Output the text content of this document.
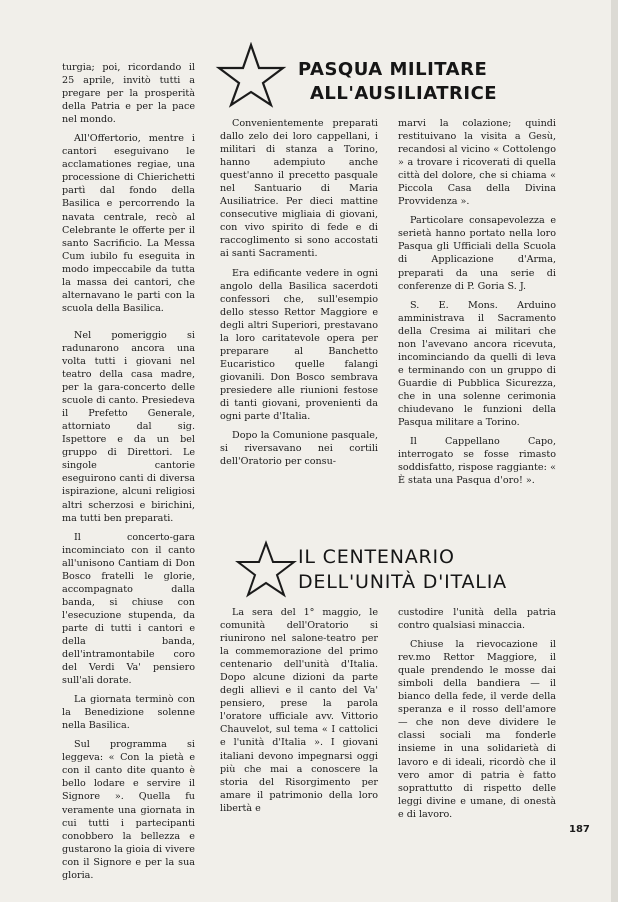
turgia; poi, ricordando il 25 aprile, invitò tutti a pregare per la prosperità della Patria e per la pace nel mondo.

All'Offertorio, mentre i cantori eseguivano le acclamationes regiae, una processione di Chierichetti partì dal fondo della Basilica e percorrendo la navata centrale, recò al Celebrante le offerte per il santo Sacrificio. La Messa Cum iubilo fu eseguita in modo impeccabile da tutta la massa dei cantori, che alternavano le parti con la scuola della Basilica.

Nel pomeriggio si radunarono ancora una volta tutti i giovani nel teatro della casa madre, per la gara-concerto delle scuole di canto. Presiedeva il Prefetto Generale, attorniato dal sig. Ispettore e da un bel gruppo di Direttori. Le singole cantorie eseguirono canti di diversa ispirazione, alcuni religiosi altri scherzosi e birichini, ma tutti ben preparati.

Il concerto-gara incominciato con il canto all'unisono Cantiam di Don Bosco fratelli le glorie, accompagnato dalla banda, si chiuse con l'esecuzione stupenda, da parte di tutti i cantori e della banda, dell'intramontabile coro del Verdi Va' pensiero sull'ali dorate.

La giornata terminò con la Benedizione solenne nella Basilica.

Sul programma si leggeva: « Con la pietà e con il canto dite quanto è bello lodare e servire il Signore ». Quella fu veramente una giornata in cui tutti i partecipanti conobbero la bellezza e gustarono la gioia di vivere con il Signore e per la sua gloria.

PASQUA MILITARE
ALL'AUSILIATRICE

Convenientemente preparati dallo zelo dei loro cappellani, i militari di stanza a Torino, hanno adempiuto anche quest'anno il precetto pasquale nel Santuario di Maria Ausiliatrice. Per dieci mattine consecutive migliaia di giovani, con vivo spirito di fede e di raccoglimento si sono accostati ai santi Sacramenti.

Era edificante vedere in ogni angolo della Basilica sacerdoti confessori che, sull'esempio dello stesso Rettor Maggiore e degli altri Superiori, prestavano la loro caritatevole opera per preparare al Banchetto Eucaristico quelle falangi giovanili. Don Bosco sembrava presiedere alle riunioni festose di tanti giovani, provenienti da ogni parte d'Italia.

Dopo la Comunione pasquale, si riversavano nei cortili dell'Oratorio per consu-

marvi la colazione; quindi restituivano la visita a Gesù, recandosi al vicino « Cottolengo » a trovare i ricoverati di quella città del dolore, che si chiama « Piccola Casa della Divina Provvidenza ».

Particolare consapevolezza e serietà hanno portato nella loro Pasqua gli Ufficiali della Scuola di Applicazione d'Arma, preparati da una serie di conferenze di P. Goria S. J.

S. E. Mons. Arduino amministrava il Sacramento della Cresima ai militari che non l'avevano ancora ricevuta, incominciando da quelli di leva e terminando con un gruppo di Guardie di Pubblica Sicurezza, che in una solenne cerimonia chiudevano le funzioni della Pasqua militare a Torino.

Il Cappellano Capo, interrogato se fosse rimasto soddisfatto, rispose raggiante: « È stata una Pasqua d'oro! ».

IL CENTENARIO
DELL'UNITÀ D'ITALIA

La sera del 1° maggio, le comunità dell'Oratorio si riunirono nel salone-teatro per la commemorazione del primo centenario dell'unità d'Italia. Dopo alcune dizioni da parte degli allievi e il canto del Va' pensiero, prese la parola l'oratore ufficiale avv. Vittorio Chauvelot, sul tema « I cattolici e l'unità d'Italia ». I giovani italiani devono impegnarsi oggi più che mai a conoscere la storia del Risorgimento per amare il patrimonio della loro libertà e

custodire l'unità della patria contro qualsiasi minaccia.

Chiuse la rievocazione il rev.mo Rettor Maggiore, il quale prendendo le mosse dai simboli della bandiera — il bianco della fede, il verde della speranza e il rosso dell'amore — che non deve dividere le classi sociali ma fonderle insieme in una solidarietà di lavoro e di ideali, ricordò che il vero amor di patria è fatto soprattutto di rispetto delle leggi divine e umane, di onestà e di lavoro.

187
